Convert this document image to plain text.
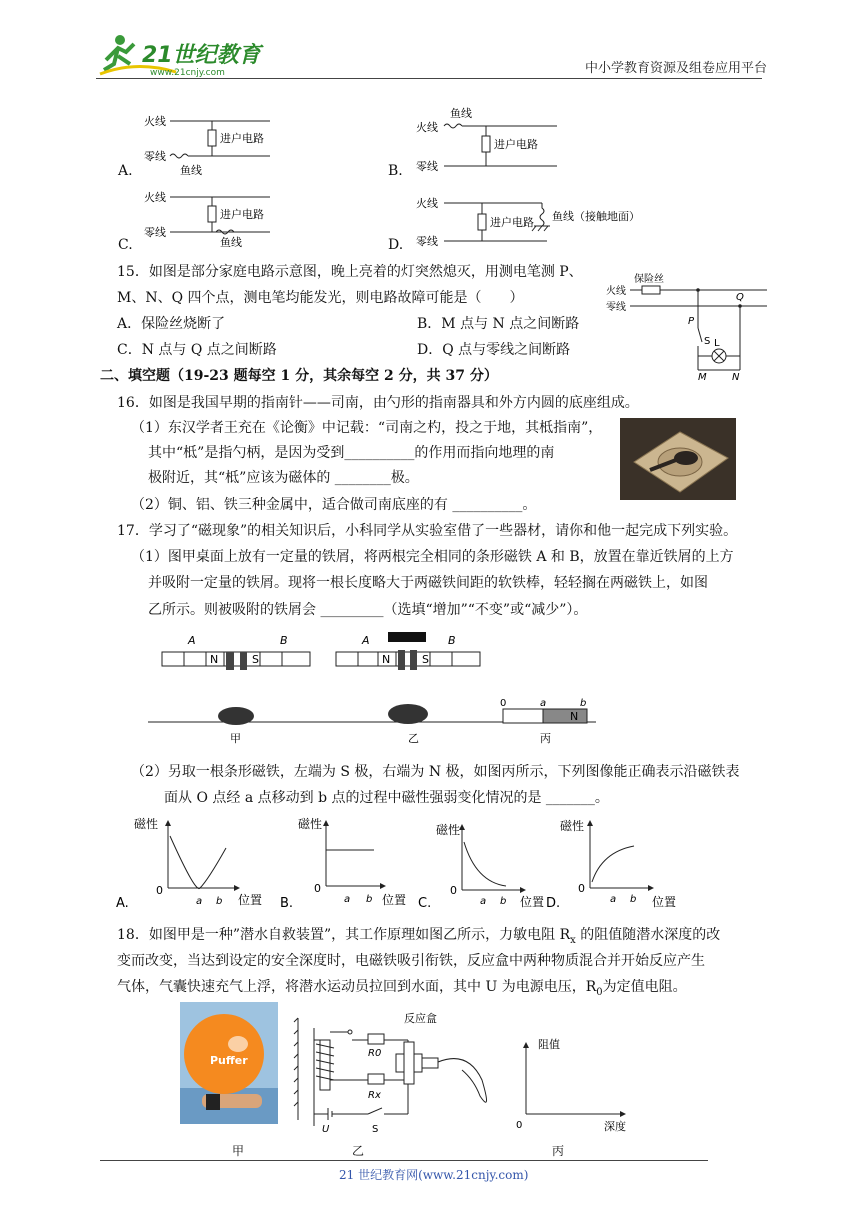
21世纪教育
www.21cnjy.com	中小学教育资源及组卷应用平台
A.	B.
C.	D.
火线
零线
进户电路
鱼线
火线
零线
鱼线
进户电路
火线
零线
进户电路
鱼线
火线
零线
进户电路 鱼线（接触地面）
15．如图是部分家庭电路示意图，晚上亮着的灯突然熄灭，用测电笔测 P、
M、N、Q 四个点，测电笔均能发光，则电路故障可能是（　　）
A．保险丝烧断了	B．M 点与 N 点之间断路
C．N 点与 Q 点之间断路	D．Q 点与零线之间断路
保险丝
火线
零线
P
S L
Q
M	N
二、填空题（19-23 题每空 1 分，其余每空 2 分，共 37 分）
16．如图是我国早期的指南针——司南，由勺形的指南器具和外方内圆的底座组成。
（1）东汉学者王充在《论衡》中记载：“司南之杓，投之于地，其柢指南”，
其中“柢”是指勺柄，是因为受到__________的作用而指向地理的南
极附近，其“柢”应该为磁体的 ________极。
（2）铜、铝、铁三种金属中，适合做司南底座的有 __________。
17．学习了“磁现象”的相关知识后，小科同学从实验室借了一些器材，请你和他一起完成下列实验。
（1）图甲桌面上放有一定量的铁屑，将两根完全相同的条形磁铁 A 和 B，放置在靠近铁屑的上方
并吸附一定量的铁屑。现将一根长度略大于两磁铁间距的软铁棒，轻轻搁在两磁铁上，如图
乙所示。则被吸附的铁屑会 _________（选填“增加”“不变”或“减少”）。
A	B
N	S
A	B
N	S
甲	乙
0	a	b
N
丙
（2）另取一根条形磁铁，左端为 S 极，右端为 N 极，如图丙所示，下列图像能正确表示沿磁铁表
面从 O 点经 a 点移动到 b 点的过程中磁性强弱变化情况的是 _______。
A.
磁性
0
a b 位置 B.
磁性
0
a b 位置 C.
磁性
0
a b 位置 D.
磁性
0
a b 位置
18．如图甲是一种”潜水自救装置”，其工作原理如图乙所示，力敏电阻 $R_x$ 的阻值随潜水深度的改
变而改变，当达到设定的安全深度时，电磁铁吸引衔铁，反应盒中两种物质混合并开始反应产生
气体，气囊快速充气上浮，将潜水运动员拉回到水面，其中 U 为电源电压，$R_0$为定值电阻。
Puffer
反应盒
R0
Rx
U	S
阻值
0	深度
甲	乙	丙
21 世纪教育网(www.21cnjy.com)
